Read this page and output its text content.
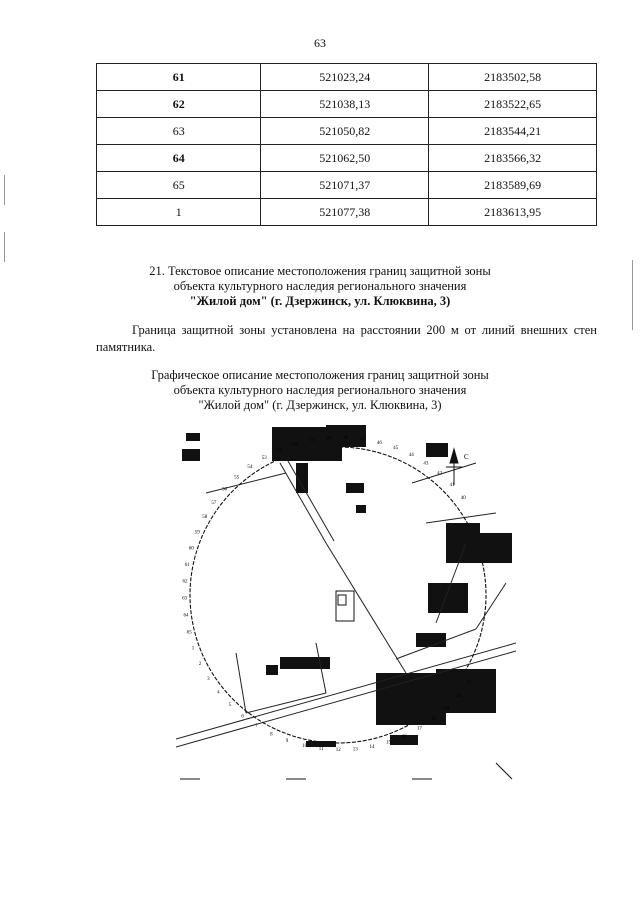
63
61	521023,24	2183502,58
62	521038,13	2183522,65
63	521050,82	2183544,21
64	521062,50	2183566,32
65	521071,37	2183589,69
1	521077,38	2183613,95
21. Текстовое описание местоположения границ защитной зоны
объекта культурного наследия регионального значения
"Жилой дом" (г. Дзержинск, ул. Клюквина, 3)
Граница защитной зоны установлена на расстоянии 200 м от линий внешних стен памятника.
Графическое описание местоположения границ защитной зоны
объекта культурного наследия регионального значения
"Жилой дом" (г. Дзержинск, ул. Клюквина, 3)
С
21
20
19
18
17
16
15
14
13
12
11
10
9
8
7
6
5
4
3
2
1
65
64
63
62
61
60
59
58
57
56
55
54
53
52
51
50 49 48 47
46
45
44
43
42
41
40
